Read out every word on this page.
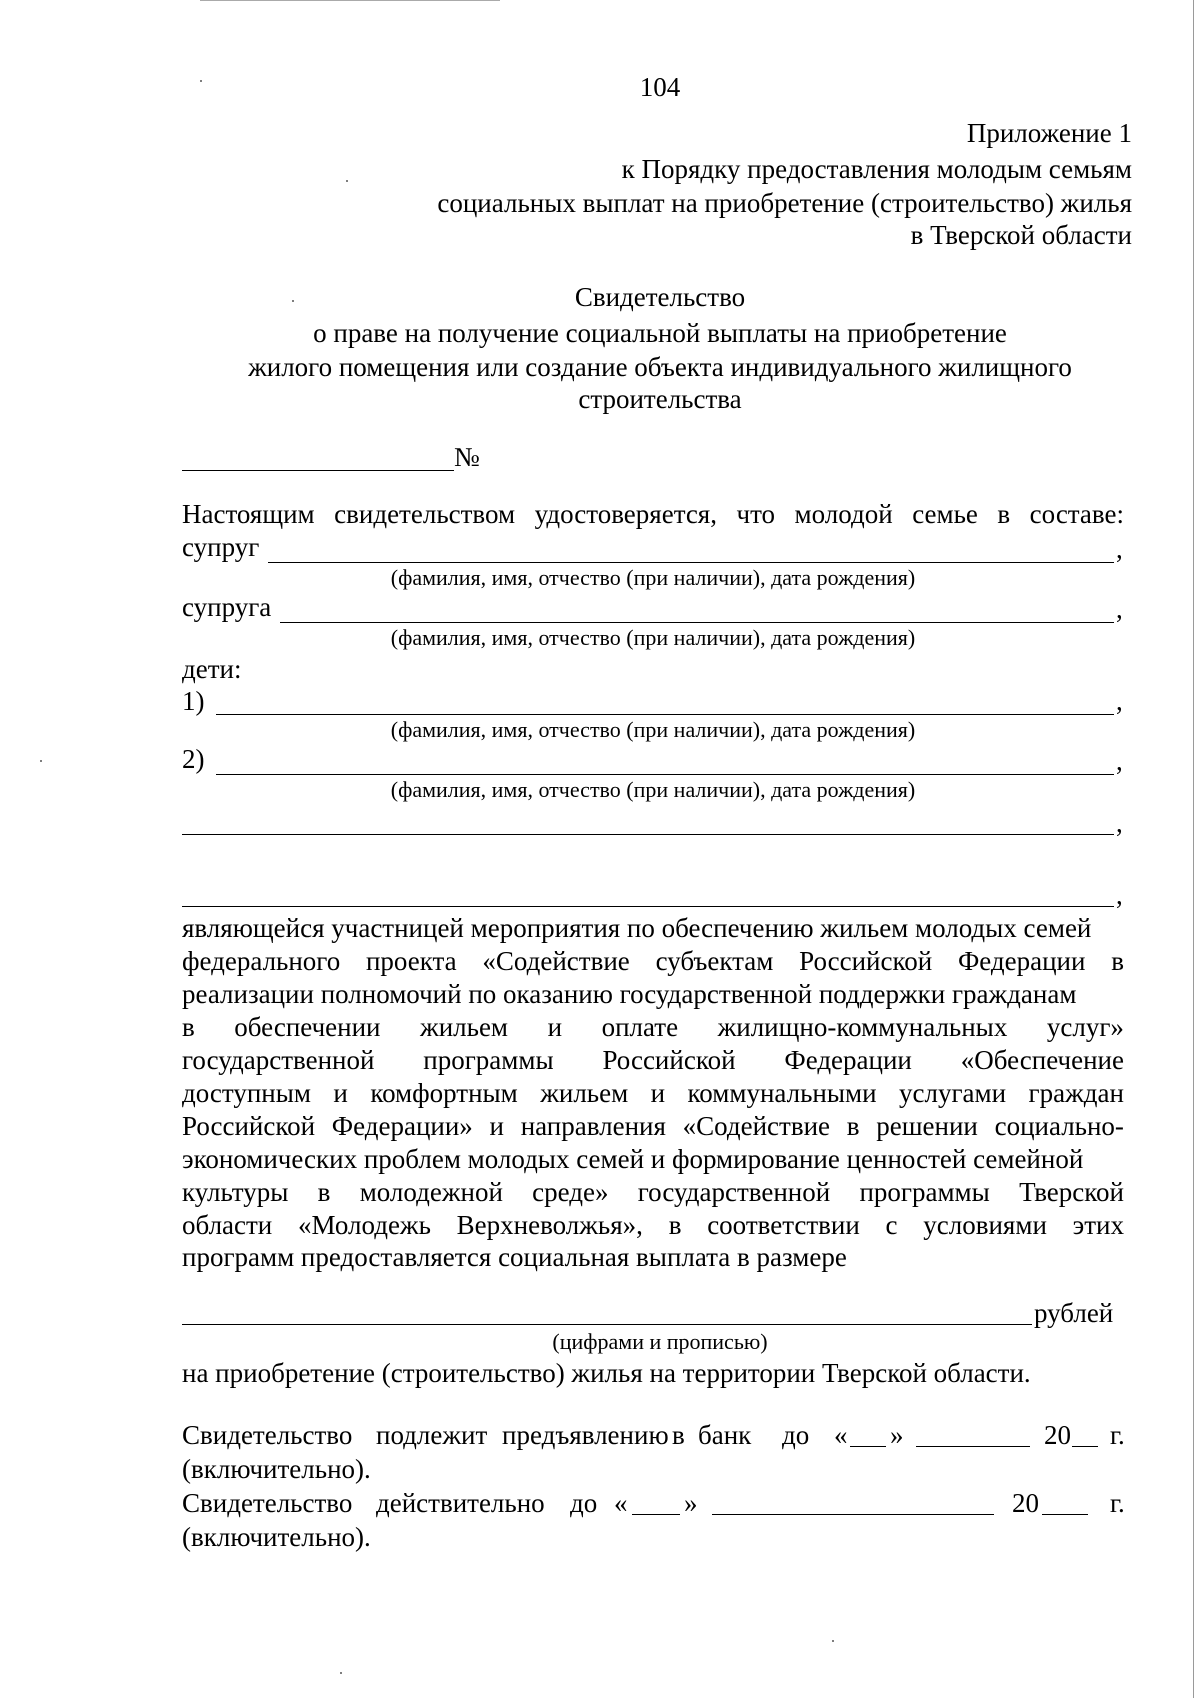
104
Приложение 1
к Порядку предоставления молодым семьям
социальных выплат на приобретение (строительство) жилья
в Тверской области
Свидетельство
о праве на получение социальной выплаты на приобретение
жилого помещения или создание объекта индивидуального жилищного
строительства
№
Настоящим свидетельством удостоверяется, что молодой семье в составе:
супруг	,
(фамилия, имя, отчество (при наличии), дата рождения)
супруга	,
(фамилия, имя, отчество (при наличии), дата рождения)
дети:
1)	,
(фамилия, имя, отчество (при наличии), дата рождения)
2)	,
(фамилия, имя, отчество (при наличии), дата рождения)
,
,
являющейся участницей мероприятия по обеспечению жильем молодых семей
федерального проекта «Содействие субъектам Российской Федерации в
реализации полномочий по оказанию государственной поддержки гражданам
в обеспечении жильем и оплате жилищно-коммунальных услуг»
государственной программы Российской Федерации «Обеспечение
доступным и комфортным жильем и коммунальными услугами граждан
Российской Федерации» и направления «Содействие в решении социально-
экономических проблем молодых семей и формирование ценностей семейной
культуры в молодежной среде» государственной программы Тверской
области «Молодежь Верхневолжья», в соответствии с условиями этих
программ предоставляется социальная выплата в размере
рублей
(цифрами и прописью)
на приобретение (строительство) жилья на территории Тверской области.
Свидетельство подлежит предъявлению в банк до « »	20 г.
(включительно).
Свидетельство действительно до « »	20	г.
(включительно).
